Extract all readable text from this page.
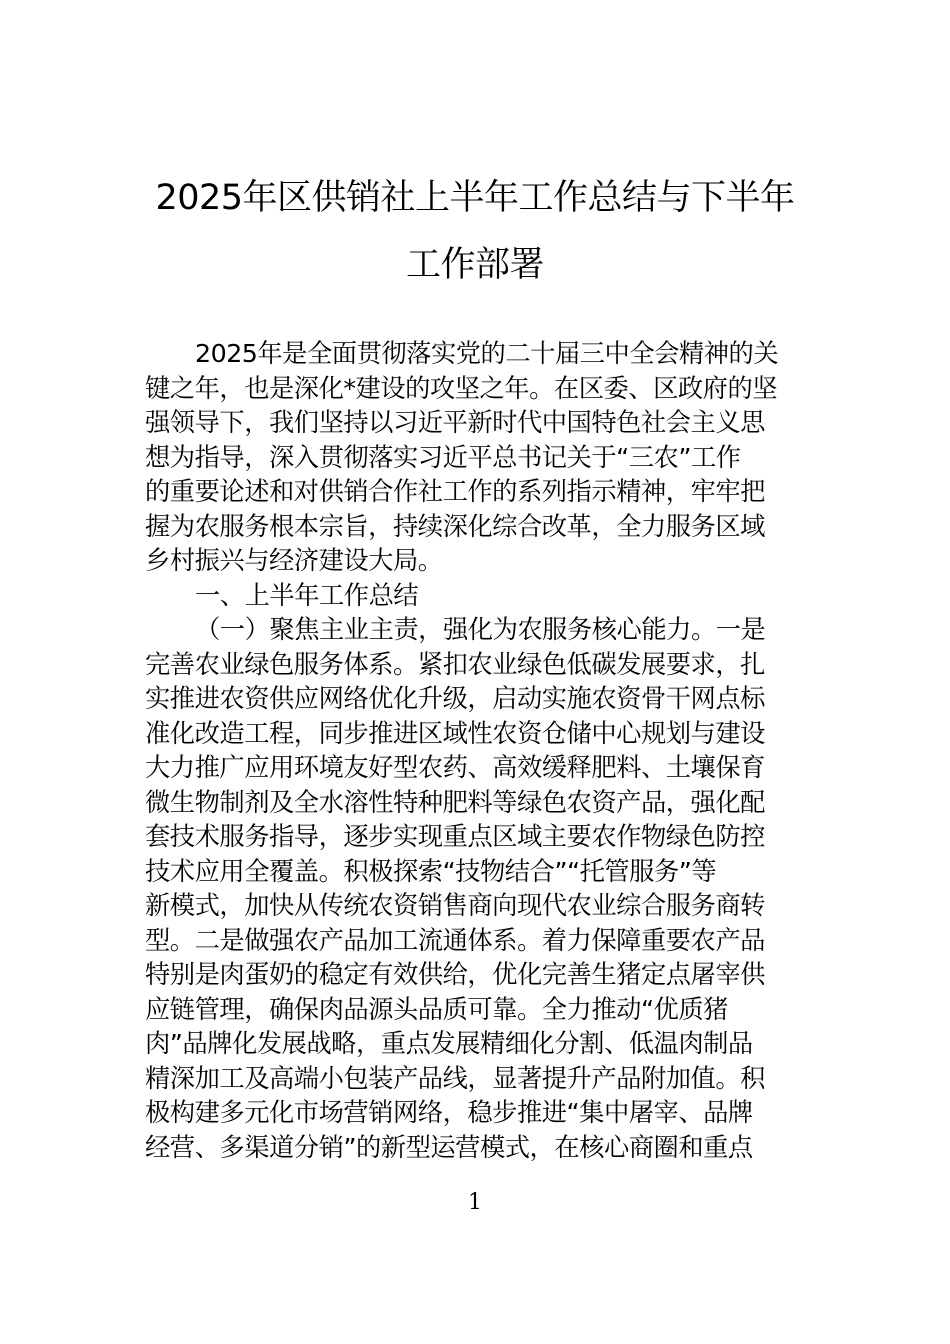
2025年区供销社上半年工作总结与下半年
工作部署
2025年是全面贯彻落实党的二十届三中全会精神的关
键之年，也是深化*建设的攻坚之年。在区委、区政府的坚
强领导下，我们坚持以习近平新时代中国特色社会主义思
想为指导，深入贯彻落实习近平总书记关于“三农”工作
的重要论述和对供销合作社工作的系列指示精神，牢牢把
握为农服务根本宗旨，持续深化综合改革，全力服务区域
乡村振兴与经济建设大局。
一、上半年工作总结
（一）聚焦主业主责，强化为农服务核心能力。一是
完善农业绿色服务体系。紧扣农业绿色低碳发展要求，扎
实推进农资供应网络优化升级，启动实施农资骨干网点标
准化改造工程，同步推进区域性农资仓储中心规划与建设
大力推广应用环境友好型农药、高效缓释肥料、土壤保育
微生物制剂及全水溶性特种肥料等绿色农资产品，强化配
套技术服务指导，逐步实现重点区域主要农作物绿色防控
技术应用全覆盖。积极探索“技物结合”“托管服务”等
新模式，加快从传统农资销售商向现代农业综合服务商转
型。二是做强农产品加工流通体系。着力保障重要农产品
特别是肉蛋奶的稳定有效供给，优化完善生猪定点屠宰供
应链管理，确保肉品源头品质可靠。全力推动“优质猪
肉”品牌化发展战略，重点发展精细化分割、低温肉制品
精深加工及高端小包装产品线，显著提升产品附加值。积
极构建多元化市场营销网络，稳步推进“集中屠宰、品牌
经营、多渠道分销”的新型运营模式，在核心商圈和重点
1
